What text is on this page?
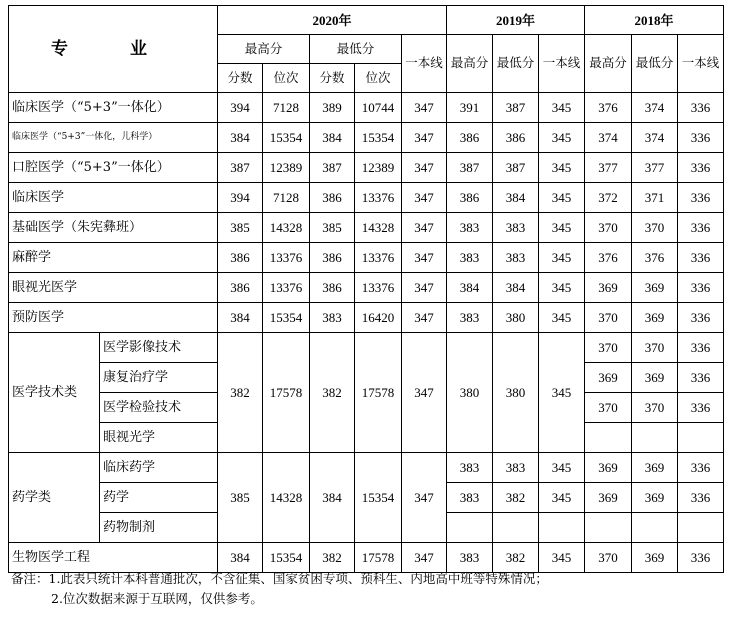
专 业		2020年					2019年			2018年		
		最高分		最低分		一本线	最高分	最低分	一本线	最高分	最低分	一本线
		分数	位次	分数	位次							
临床医学（“5+3”一体化）		394	7128	389	10744	347	391	387	345	376	374	336
临床医学（“5+3”一体化，儿科学）		384	15354	384	15354	347	386	386	345	374	374	336
口腔医学（“5+3”一体化）		387	12389	387	12389	347	387	387	345	377	377	336
临床医学		394	7128	386	13376	347	386	384	345	372	371	336
基础医学（朱宪彝班）		385	14328	385	14328	347	383	383	345	370	370	336
麻醉学		386	13376	386	13376	347	383	383	345	376	376	336
眼视光医学		386	13376	386	13376	347	384	384	345	369	369	336
预防医学		384	15354	383	16420	347	383	380	345	370	369	336
医学技术类	医学影像技术	382	17578	382	17578	347	380	380	345	370	370	336
	康复治疗学									369	369	336
	医学检验技术									370	370	336
	眼视光学											
药学类	临床药学	385	14328	384	15354	347	383	383	345	369	369	336
	药学						383	382	345	369	369	336
	药物制剂											
生物医学工程		384	15354	382	17578	347	383	382	345	370	369	336
备注：1.此表只统计本科普通批次，不含征集、国家贫困专项、预科生、内地高中班等特殊情况；
2.位次数据来源于互联网，仅供参考。
